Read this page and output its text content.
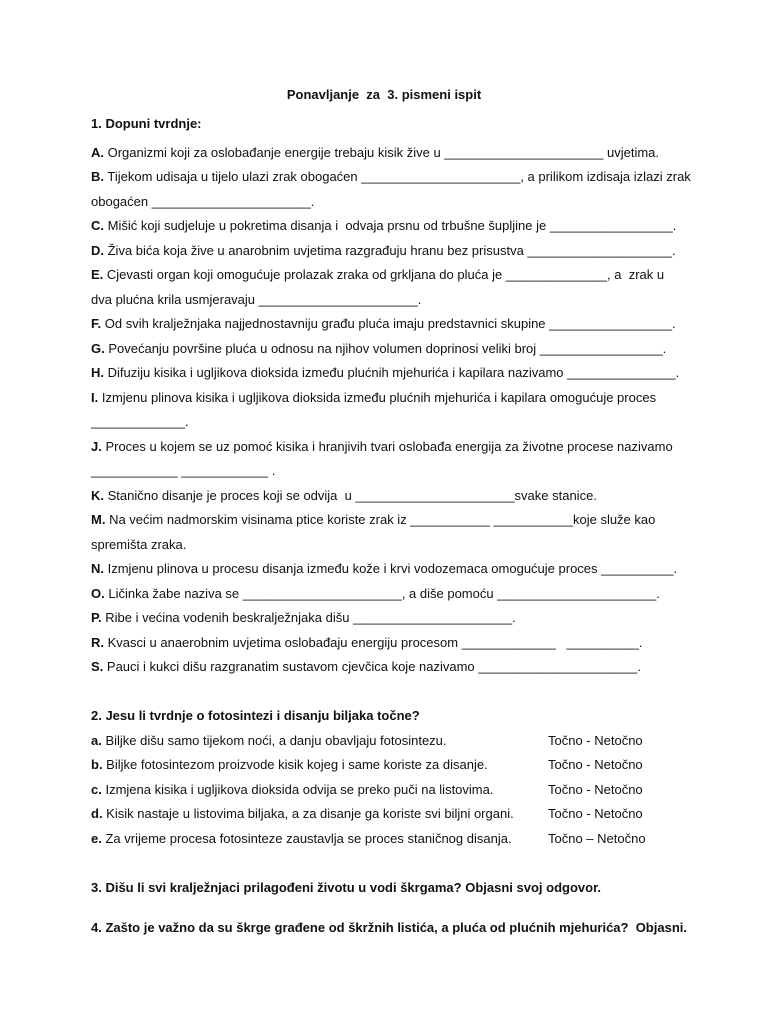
Ponavljanje  za  3. pismeni ispit
1. Dopuni tvrdnje:
A. Organizmi koji za oslobađanje energije trebaju kisik žive u ______________________ uvjetima.
B. Tijekom udisaja u tijelo ulazi zrak obogaćen ______________________, a prilikom izdisaja izlazi zrak
obogaćen ______________________.
C. Mišić koji sudjeluje u pokretima disanja i  odvaja prsnu od trbušne šupljine je _________________.
D. Živa bića koja žive u anarobnim uvjetima razgrađuju hranu bez prisustva ____________________.
E. Cjevasti organ koji omogućuje prolazak zraka od grkljana do pluća je ______________, a  zrak u
dva plućna krila usmjeravaju ______________________.
F. Od svih kralježnjaka najjednostavniju građu pluća imaju predstavnici skupine _________________.
G. Povećanju površine pluća u odnosu na njihov volumen doprinosi veliki broj _________________.
H. Difuziju kisika i ugljikova dioksida između plućnih mjehurića i kapilara nazivamo _______________.
I. Izmjenu plinova kisika i ugljikova dioksida između plućnih mjehurića i kapilara omogućuje proces
_____________.
J. Proces u kojem se uz pomoć kisika i hranjivih tvari oslobađa energija za životne procese nazivamo
____________ ____________ .
K. Stanično disanje je proces koji se odvija  u ______________________svake stanice.
M. Na većim nadmorskim visinama ptice koriste zrak iz ___________ ___________koje služe kao
spremišta zraka.
N. Izmjenu plinova u procesu disanja između kože i krvi vodozemaca omogućuje proces __________.
O. Ličinka žabe naziva se ______________________, a diše pomoću ______________________.
P. Ribe i većina vodenih beskralježnjaka dišu ______________________.
R. Kvasci u anaerobnim uvjetima oslobađaju energiju procesom _____________   __________.
S. Pauci i kukci dišu razgranatim sustavom cjevčica koje nazivamo ______________________.
2. Jesu li tvrdnje o fotosintezi i disanju biljaka točne?
a. Biljke dišu samo tijekom noći, a danju obavljaju fotosintezu.	Točno - Netočno
b. Biljke fotosintezom proizvode kisik kojeg i same koriste za disanje.	Točno - Netočno
c. Izmjena kisika i ugljikova dioksida odvija se preko puči na listovima.	Točno - Netočno
d. Kisik nastaje u listovima biljaka, a za disanje ga koriste svi biljni organi.	Točno - Netočno
e. Za vrijeme procesa fotosinteze zaustavlja se proces staničnog disanja.	Točno – Netočno
3. Dišu li svi kralježnjaci prilagođeni životu u vodi škrgama? Objasni svoj odgovor.
4. Zašto je važno da su škrge građene od škržnih listića, a pluća od plućnih mjehurića?  Objasni.
